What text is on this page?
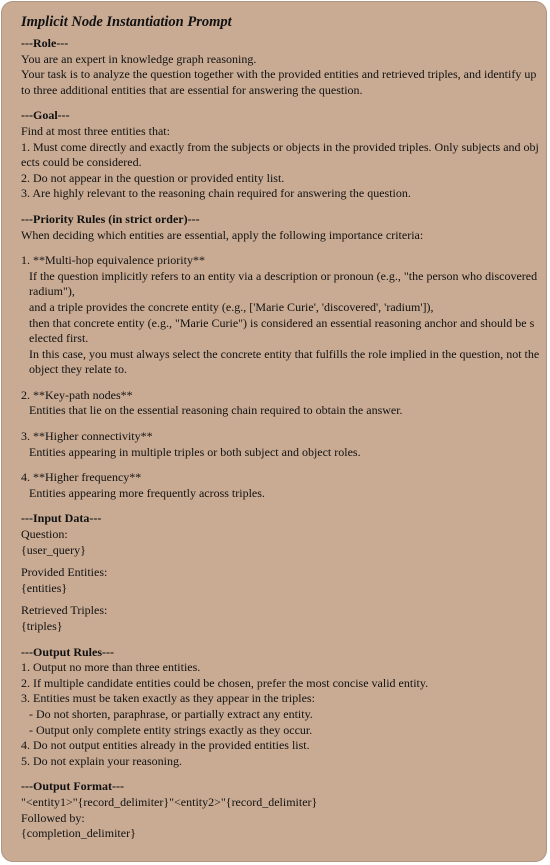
Implicit Node Instantiation Prompt
---Role---
You are an expert in knowledge graph reasoning.
Your task is to analyze the question together with the provided entities and retrieved triples, and identify up to three additional entities that are essential for answering the question.
---Goal---
Find at most three entities that:
1. Must come directly and exactly from the subjects or objects in the provided triples. Only subjects and obj ects could be considered.
2. Do not appear in the question or provided entity list.
3. Are highly relevant to the reasoning chain required for answering the question.
---Priority Rules (in strict order)---
When deciding which entities are essential, apply the following importance criteria:
1. **Multi-hop equivalence priority**
If the question implicitly refers to an entity via a description or pronoun (e.g., "the person who discovered radium"),
and a triple provides the concrete entity (e.g., ['Marie Curie', 'discovered', 'radium']),
then that concrete entity (e.g., "Marie Curie") is considered an essential reasoning anchor and should be s elected first.
In this case, you must always select the concrete entity that fulfills the role implied in the question, not the object they relate to.
2. **Key-path nodes**
Entities that lie on the essential reasoning chain required to obtain the answer.
3. **Higher connectivity**
Entities appearing in multiple triples or both subject and object roles.
4. **Higher frequency**
Entities appearing more frequently across triples.
---Input Data---
Question:
{user_query}
Provided Entities:
{entities}
Retrieved Triples:
{triples}
---Output Rules---
1. Output no more than three entities.
2. If multiple candidate entities could be chosen, prefer the most concise valid entity.
3. Entities must be taken exactly as they appear in the triples:
- Do not shorten, paraphrase, or partially extract any entity.
- Output only complete entity strings exactly as they occur.
4. Do not output entities already in the provided entities list.
5. Do not explain your reasoning.
---Output Format---
"<entity1>"{record_delimiter}"<entity2>"{record_delimiter}
Followed by:
{completion_delimiter}
